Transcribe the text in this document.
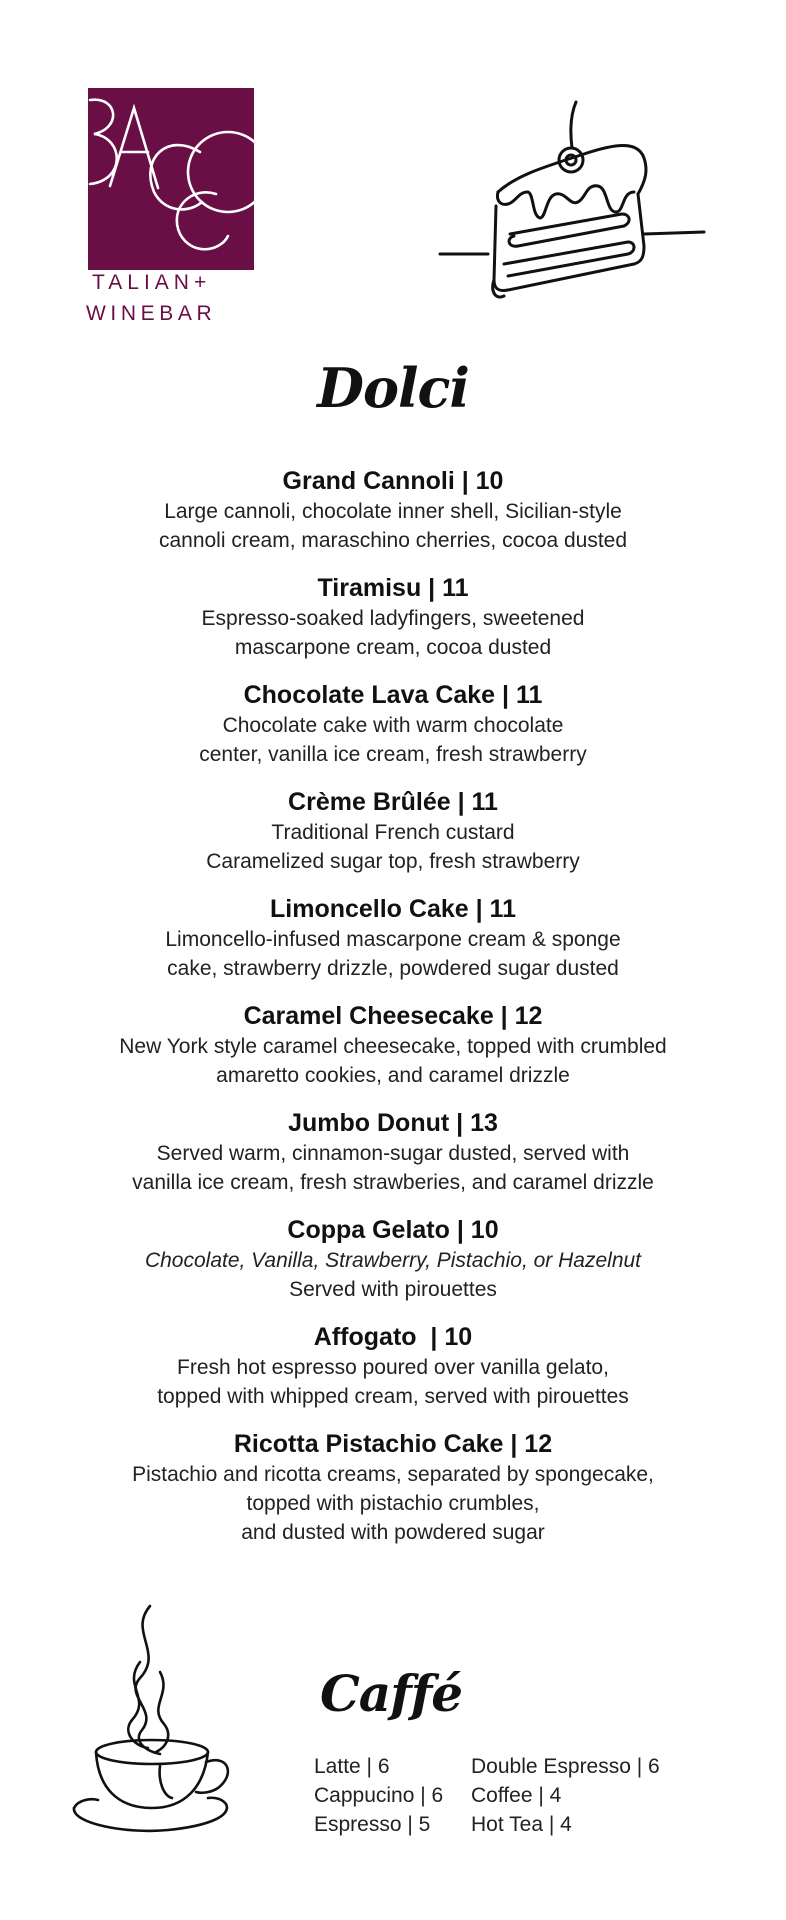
TALIAN+
WINEBAR
Dolci
Grand Cannoli | 10
Large cannoli, chocolate inner shell, Sicilian-style
cannoli cream, maraschino cherries, cocoa dusted
Tiramisu | 11
Espresso-soaked ladyfingers, sweetened
mascarpone cream, cocoa dusted
Chocolate Lava Cake | 11
Chocolate cake with warm chocolate
center, vanilla ice cream, fresh strawberry
Crème Brûlée | 11
Traditional French custard
Caramelized sugar top, fresh strawberry
Limoncello Cake | 11
Limoncello-infused mascarpone cream & sponge
cake, strawberry drizzle, powdered sugar dusted
Caramel Cheesecake | 12
New York style caramel cheesecake, topped with crumbled
amaretto cookies, and caramel drizzle
Jumbo Donut | 13
Served warm, cinnamon-sugar dusted, served with
vanilla ice cream, fresh strawberies, and caramel drizzle
Coppa Gelato | 10
Chocolate, Vanilla, Strawberry, Pistachio, or Hazelnut
Served with pirouettes
Affogato  | 10
Fresh hot espresso poured over vanilla gelato,
topped with whipped cream, served with pirouettes
Ricotta Pistachio Cake | 12
Pistachio and ricotta creams, separated by spongecake,
topped with pistachio crumbles,
and dusted with powdered sugar
Caffé
Latte | 6
Cappucino | 6
Espresso | 5
Double Espresso | 6
Coffee | 4
Hot Tea | 4
